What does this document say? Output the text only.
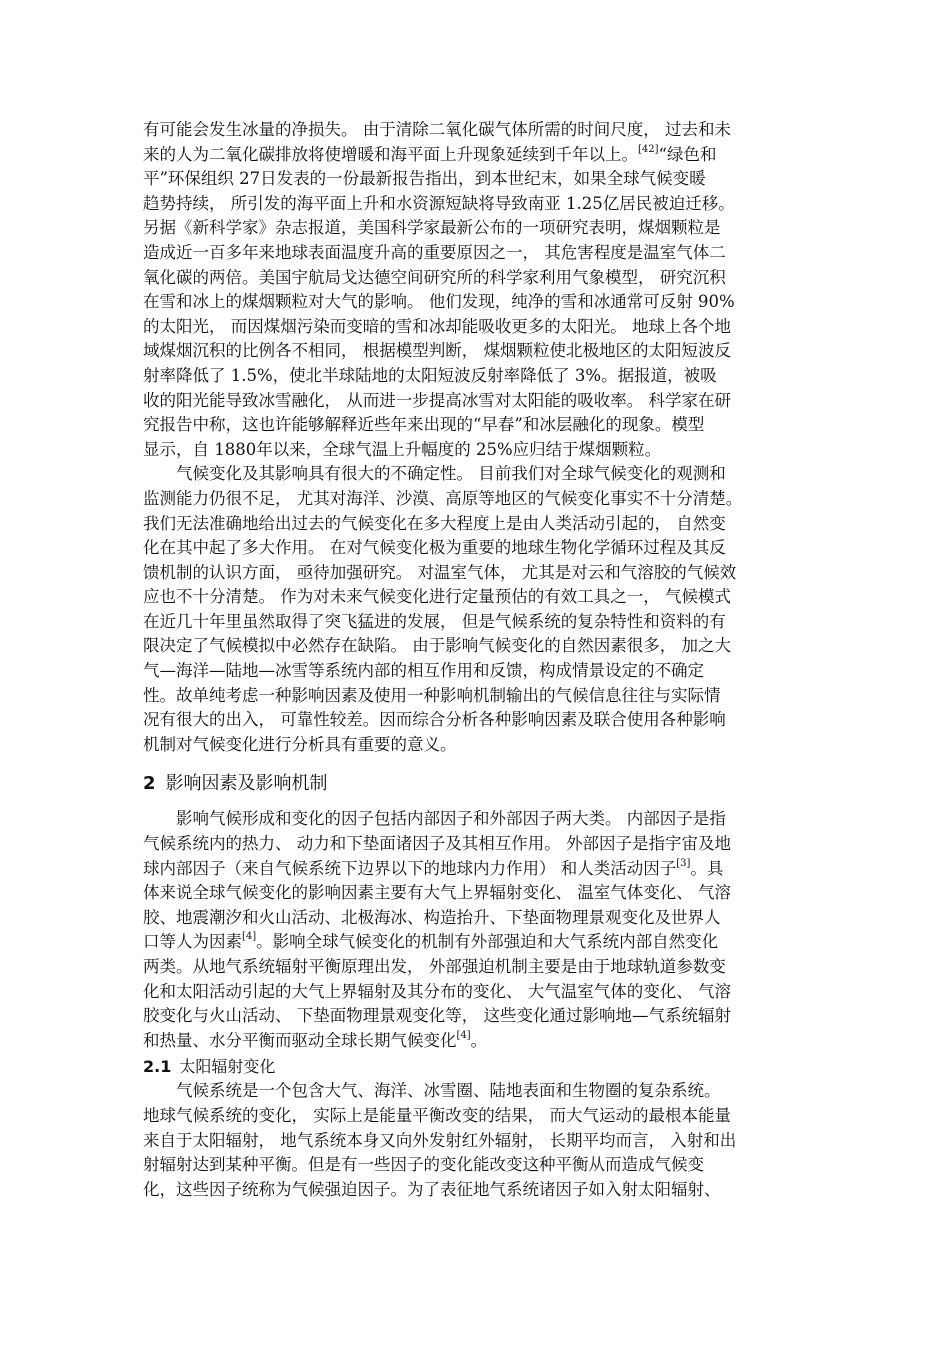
有可能会发生冰量的净损失。 由于清除二氧化碳气体所需的时间尺度， 过去和未
来的人为二氧化碳排放将使增暖和海平面上升现象延续到千年以上。[42]“绿色和
平”环保组织 27日发表的一份最新报告指出，到本世纪末，如果全球气候变暖
趋势持续， 所引发的海平面上升和水资源短缺将导致南亚 1.25亿居民被迫迁移。
另据《新科学家》杂志报道，美国科学家最新公布的一项研究表明，煤烟颗粒是
造成近一百多年来地球表面温度升高的重要原因之一， 其危害程度是温室气体二
氧化碳的两倍。美国宇航局戈达德空间研究所的科学家利用气象模型， 研究沉积
在雪和冰上的煤烟颗粒对大气的影响。 他们发现，纯净的雪和冰通常可反射 90%
的太阳光， 而因煤烟污染而变暗的雪和冰却能吸收更多的太阳光。 地球上各个地
域煤烟沉积的比例各不相同， 根据模型判断， 煤烟颗粒使北极地区的太阳短波反
射率降低了 1.5%，使北半球陆地的太阳短波反射率降低了 3%。据报道，被吸
收的阳光能导致冰雪融化， 从而进一步提高冰雪对太阳能的吸收率。 科学家在研
究报告中称，这也许能够解释近些年来出现的“早春”和冰层融化的现象。模型
显示，自 1880年以来，全球气温上升幅度的 25%应归结于煤烟颗粒。
　　气候变化及其影响具有很大的不确定性。 目前我们对全球气候变化的观测和
监测能力仍很不足， 尤其对海洋、沙漠、高原等地区的气候变化事实不十分清楚。
我们无法准确地给出过去的气候变化在多大程度上是由人类活动引起的， 自然变
化在其中起了多大作用。 在对气候变化极为重要的地球生物化学循环过程及其反
馈机制的认识方面， 亟待加强研究。 对温室气体， 尤其是对云和气溶胶的气候效
应也不十分清楚。 作为对未来气候变化进行定量预估的有效工具之一， 气候模式
在近几十年里虽然取得了突飞猛进的发展， 但是气候系统的复杂特性和资料的有
限决定了气候模拟中必然存在缺陷。 由于影响气候变化的自然因素很多， 加之大
气—海洋—陆地—冰雪等系统内部的相互作用和反馈，构成情景设定的不确定
性。故单纯考虑一种影响因素及使用一种影响机制输出的气候信息往往与实际情
况有很大的出入， 可靠性较差。因而综合分析各种影响因素及联合使用各种影响
机制对气候变化进行分析具有重要的意义。
2 影响因素及影响机制
　　影响气候形成和变化的因子包括内部因子和外部因子两大类。 内部因子是指
气候系统内的热力、 动力和下垫面诸因子及其相互作用。 外部因子是指宇宙及地
球内部因子（来自气候系统下边界以下的地球内力作用） 和人类活动因子[3]。具
体来说全球气候变化的影响因素主要有大气上界辐射变化、 温室气体变化、 气溶
胶、地震潮汐和火山活动、北极海冰、构造抬升、下垫面物理景观变化及世界人
口等人为因素[4]。影响全球气候变化的机制有外部强迫和大气系统内部自然变化
两类。从地气系统辐射平衡原理出发， 外部强迫机制主要是由于地球轨道参数变
化和太阳活动引起的大气上界辐射及其分布的变化、 大气温室气体的变化、 气溶
胶变化与火山活动、 下垫面物理景观变化等， 这些变化通过影响地—气系统辐射
和热量、水分平衡而驱动全球长期气候变化[4]。
2.1 太阳辐射变化
　　气候系统是一个包含大气、海洋、冰雪圈、陆地表面和生物圈的复杂系统。
地球气候系统的变化， 实际上是能量平衡改变的结果， 而大气运动的最根本能量
来自于太阳辐射， 地气系统本身又向外发射红外辐射， 长期平均而言， 入射和出
射辐射达到某种平衡。但是有一些因子的变化能改变这种平衡从而造成气候变
化，这些因子统称为气候强迫因子。为了表征地气系统诸因子如入射太阳辐射、
